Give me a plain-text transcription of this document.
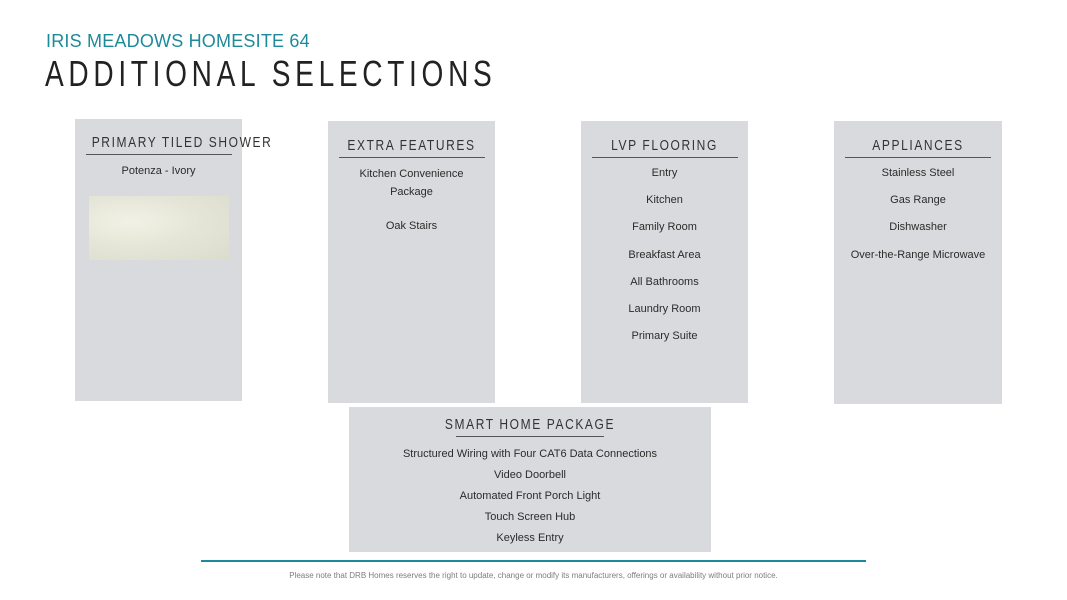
IRIS MEADOWS HOMESITE 64
ADDITIONAL SELECTIONS
PRIMARY TILED SHOWER
Potenza - Ivory
EXTRA FEATURES
Kitchen Convenience
Package
Oak Stairs
LVP FLOORING
Entry
Kitchen
Family Room
Breakfast Area
All Bathrooms
Laundry Room
Primary Suite
APPLIANCES
Stainless Steel
Gas Range
Dishwasher
Over-the-Range Microwave
SMART HOME PACKAGE
Structured Wiring with Four CAT6 Data Connections
Video Doorbell
Automated Front Porch Light
Touch Screen Hub
Keyless Entry
Please note that DRB Homes reserves the right to update, change or modify its manufacturers, offerings or availability without prior notice.
